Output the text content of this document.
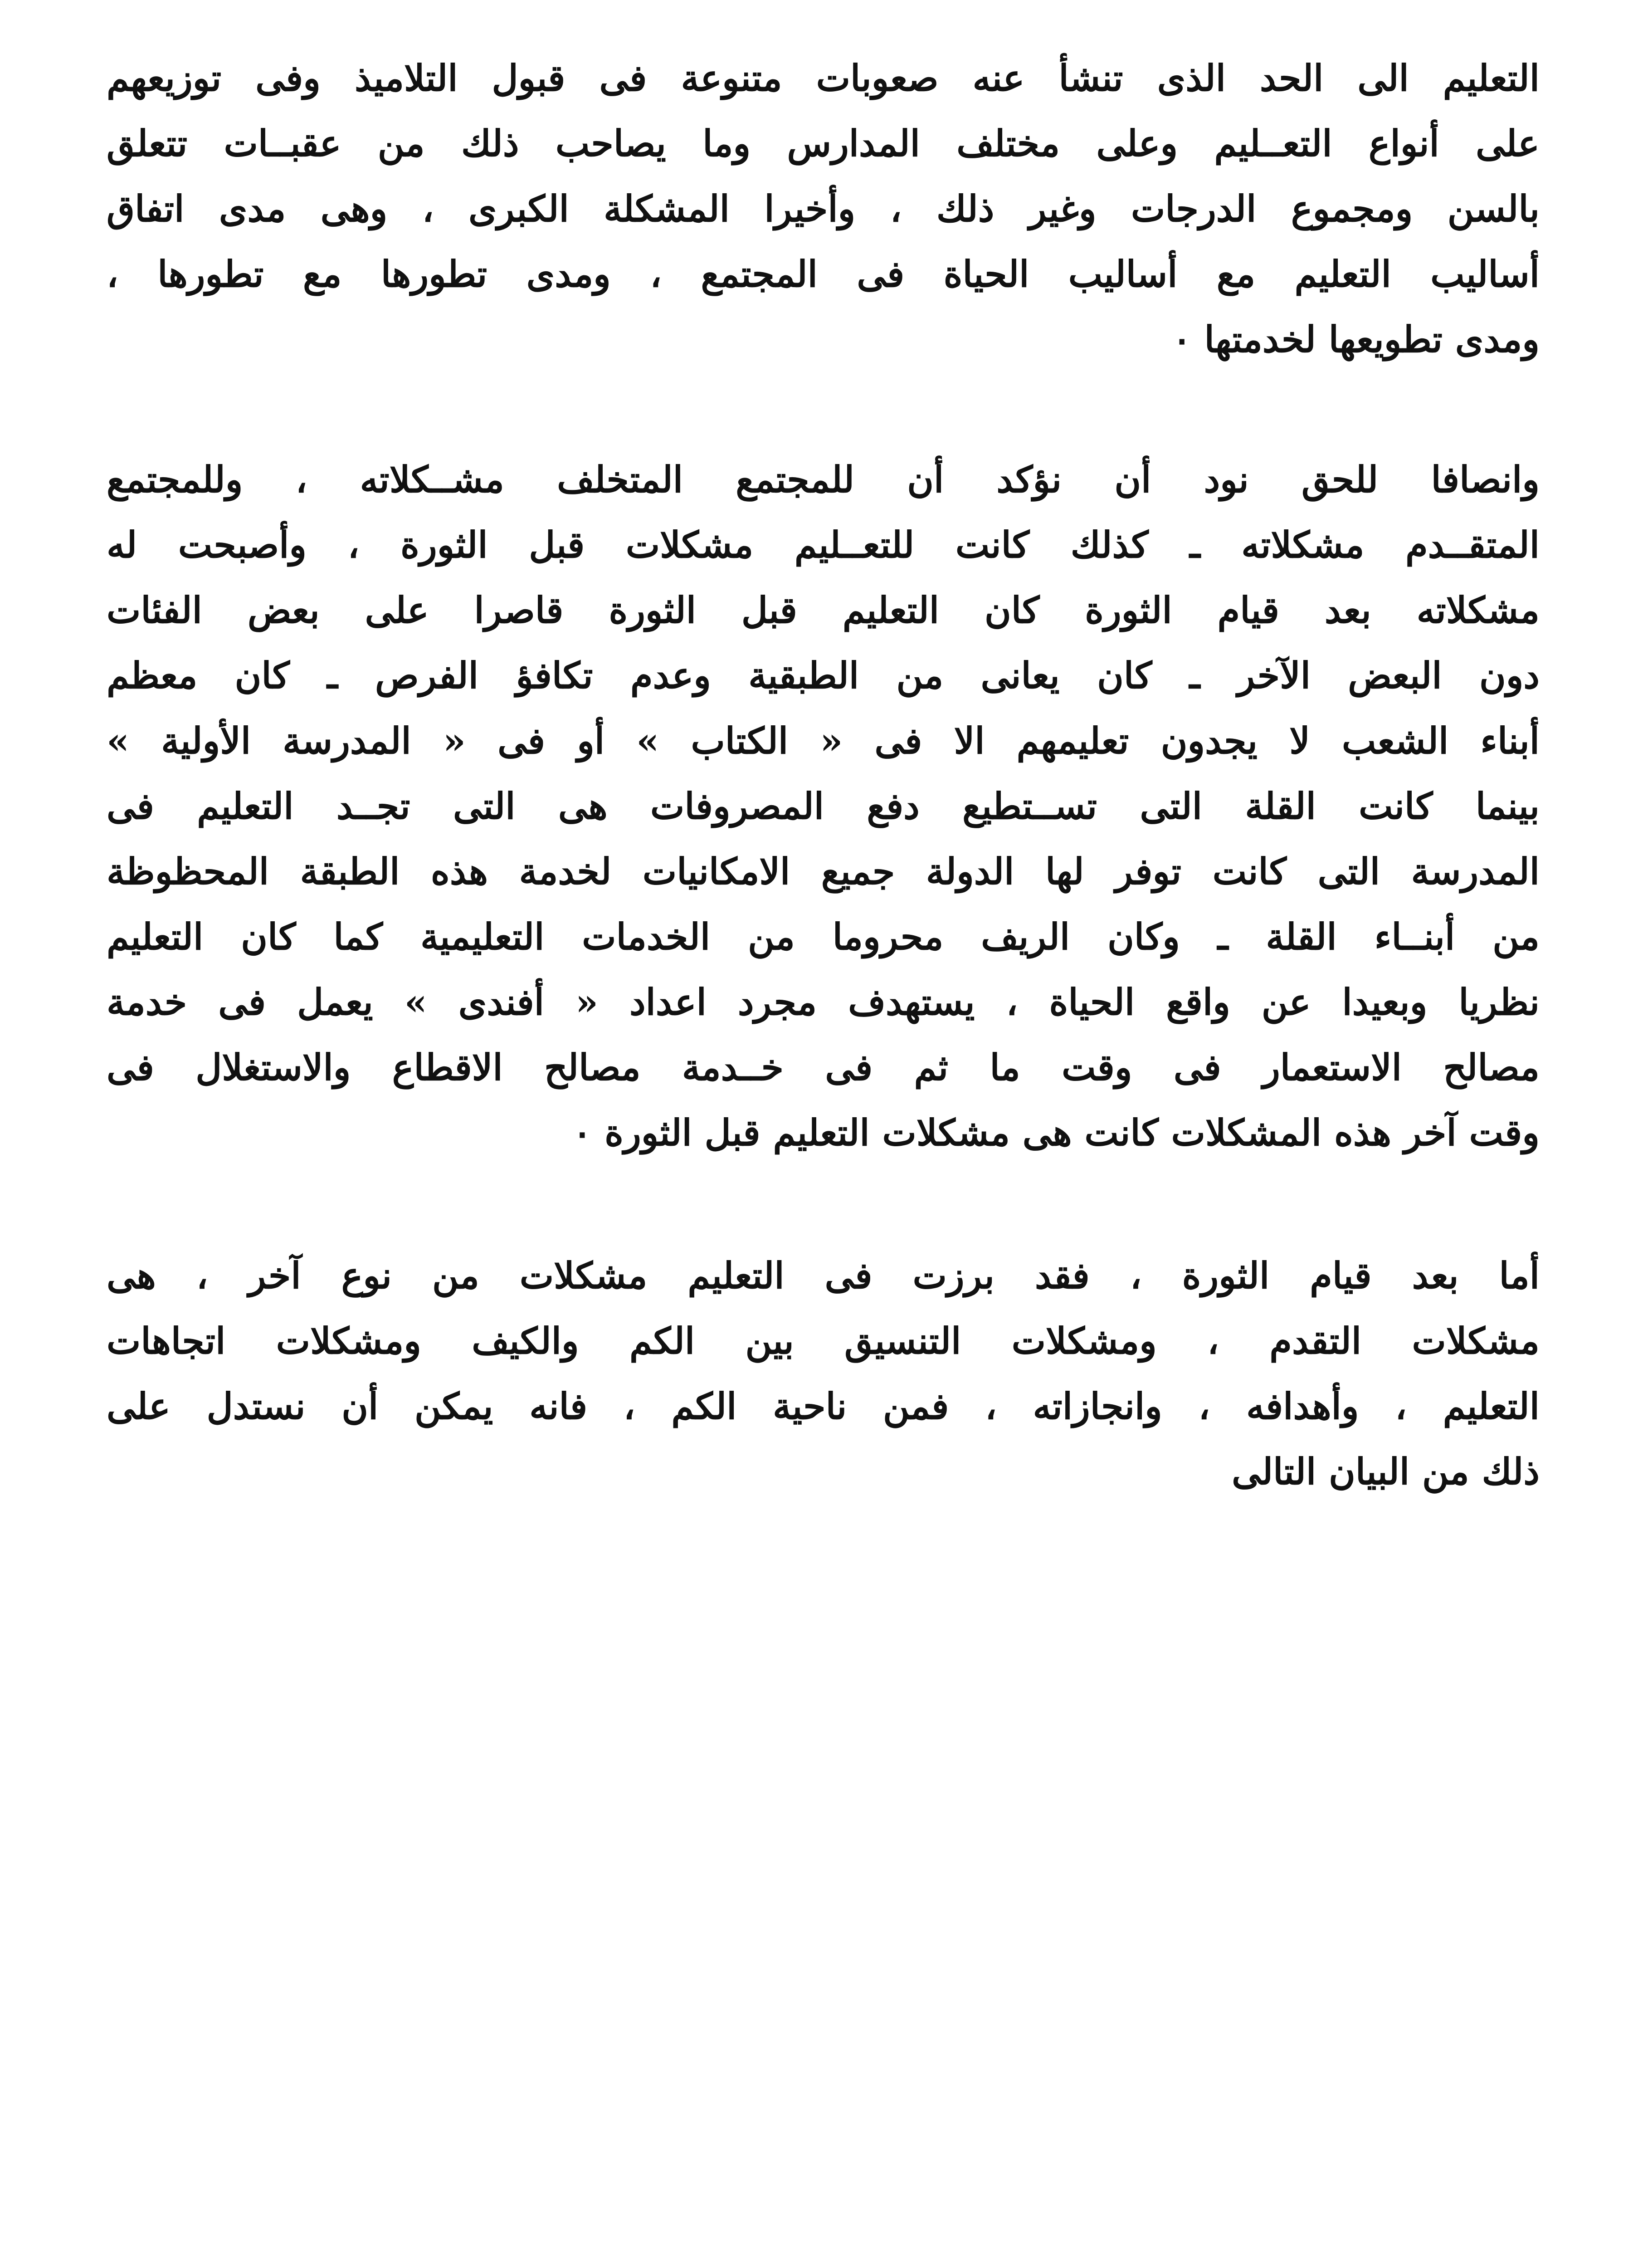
التعليم الى الحد الذى تنشأ عنه صعوبات متنوعة فى قبول التلاميذ وفى توزيعهم
على أنواع التعــليم وعلى مختلف المدارس وما يصاحب ذلك من عقبــات تتعلق
بالسن ومجموع الدرجات وغير ذلك ، وأخيرا المشكلة الكبرى ، وهى مدى اتفاق
أساليب التعليم مع أساليب الحياة فى المجتمع ، ومدى تطورها مع تطورها ،
ومدى تطويعها لخدمتها ٠
وانصافا للحق نود أن نؤكد أن للمجتمع المتخلف مشــكلاته ، وللمجتمع
المتقــدم مشكلاته ـ كذلك كانت للتعــليم مشكلات قبل الثورة ، وأصبحت له
مشكلاته بعد قيام الثورة كان التعليم قبل الثورة قاصرا على بعض الفئات
دون البعض الآخر ـ كان يعانى من الطبقية وعدم تكافؤ الفرص ـ كان معظم
أبناء الشعب لا يجدون تعليمهم الا فى « الكتاب » أو فى « المدرسة الأولية »
بينما كانت القلة التى تســتطيع دفع المصروفات هى التى تجــد التعليم فى
المدرسة التى كانت توفر لها الدولة جميع الامكانيات لخدمة هذه الطبقة المحظوظة
من أبنــاء القلة ـ وكان الريف محروما من الخدمات التعليمية كما كان التعليم
نظريا وبعيدا عن واقع الحياة ، يستهدف مجرد اعداد « أفندى » يعمل فى خدمة
مصالح الاستعمار فى وقت ما ثم فى خــدمة مصالح الاقطاع والاستغلال فى
وقت آخر هذه المشكلات كانت هى مشكلات التعليم قبل الثورة ٠
أما بعد قيام الثورة ، فقد برزت فى التعليم مشكلات من نوع آخر ، هى
مشكلات التقدم ، ومشكلات التنسيق بين الكم والكيف ومشكلات اتجاهات
التعليم ، وأهدافه ، وانجازاته ، فمن ناحية الكم ، فانه يمكن أن نستدل على
ذلك من البيان التالى
